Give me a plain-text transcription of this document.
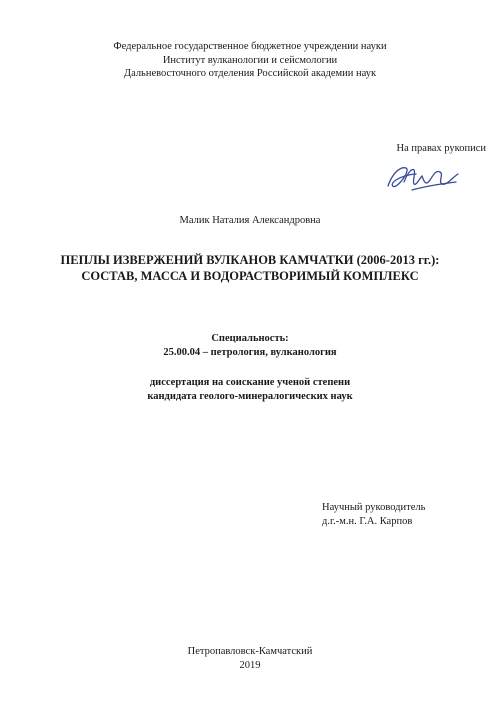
Федеральное государственное бюджетное учреждении науки
Институт вулканологии и сейсмологии
Дальневосточного отделения Российской академии наук
На правах рукописи
Малик Наталия Александровна
ПЕПЛЫ ИЗВЕРЖЕНИЙ ВУЛКАНОВ КАМЧАТКИ (2006-2013 гг.):
СОСТАВ, МАССА И ВОДОРАСТВОРИМЫЙ КОМПЛЕКС
Специальность:
25.00.04 – петрология, вулканология
диссертация на соискание ученой степени
кандидата геолого-минералогических наук
Научный руководитель
д.г.-м.н. Г.А. Карпов
Петропавловск-Камчатский
2019
